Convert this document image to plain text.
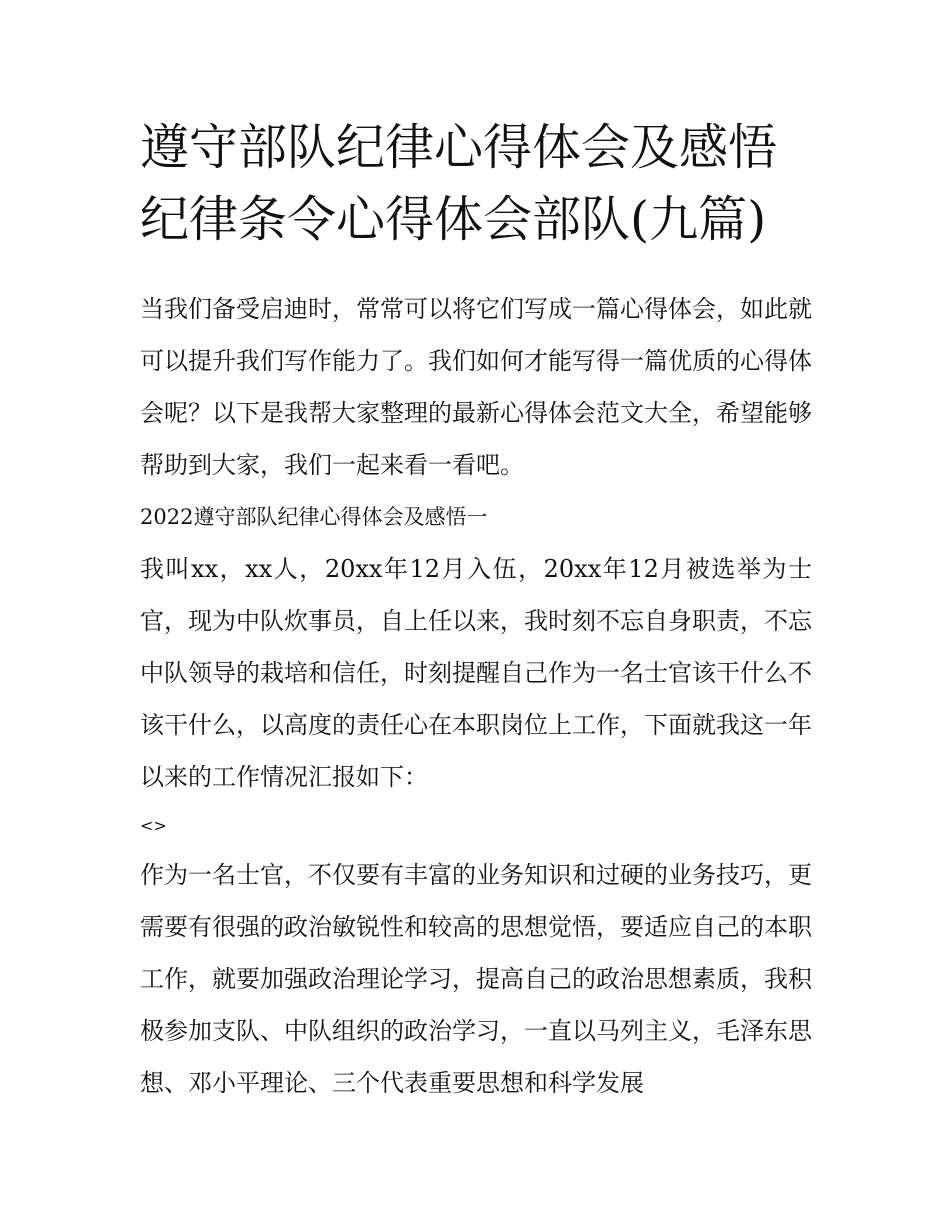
遵守部队纪律心得体会及感悟
纪律条令心得体会部队(九篇)

当我们备受启迪时，常常可以将它们写成一篇心得体会，如此就可以提升我们写作能力了。我们如何才能写得一篇优质的心得体会呢？以下是我帮大家整理的最新心得体会范文大全，希望能够帮助到大家，我们一起来看一看吧。

2022遵守部队纪律心得体会及感悟一

我叫xx，xx人，20xx年12月入伍，20xx年12月被选举为士官，现为中队炊事员，自上任以来，我时刻不忘自身职责，不忘中队领导的栽培和信任，时刻提醒自己作为一名士官该干什么不该干什么，以高度的责任心在本职岗位上工作，下面就我这一年以来的工作情况汇报如下：

<>

作为一名士官，不仅要有丰富的业务知识和过硬的业务技巧，更需要有很强的政治敏锐性和较高的思想觉悟，要适应自己的本职工作，就要加强政治理论学习，提高自己的政治思想素质，我积极参加支队、中队组织的政治学习，一直以马列主义，毛泽东思想、邓小平理论、三个代表重要思想和科学发展
